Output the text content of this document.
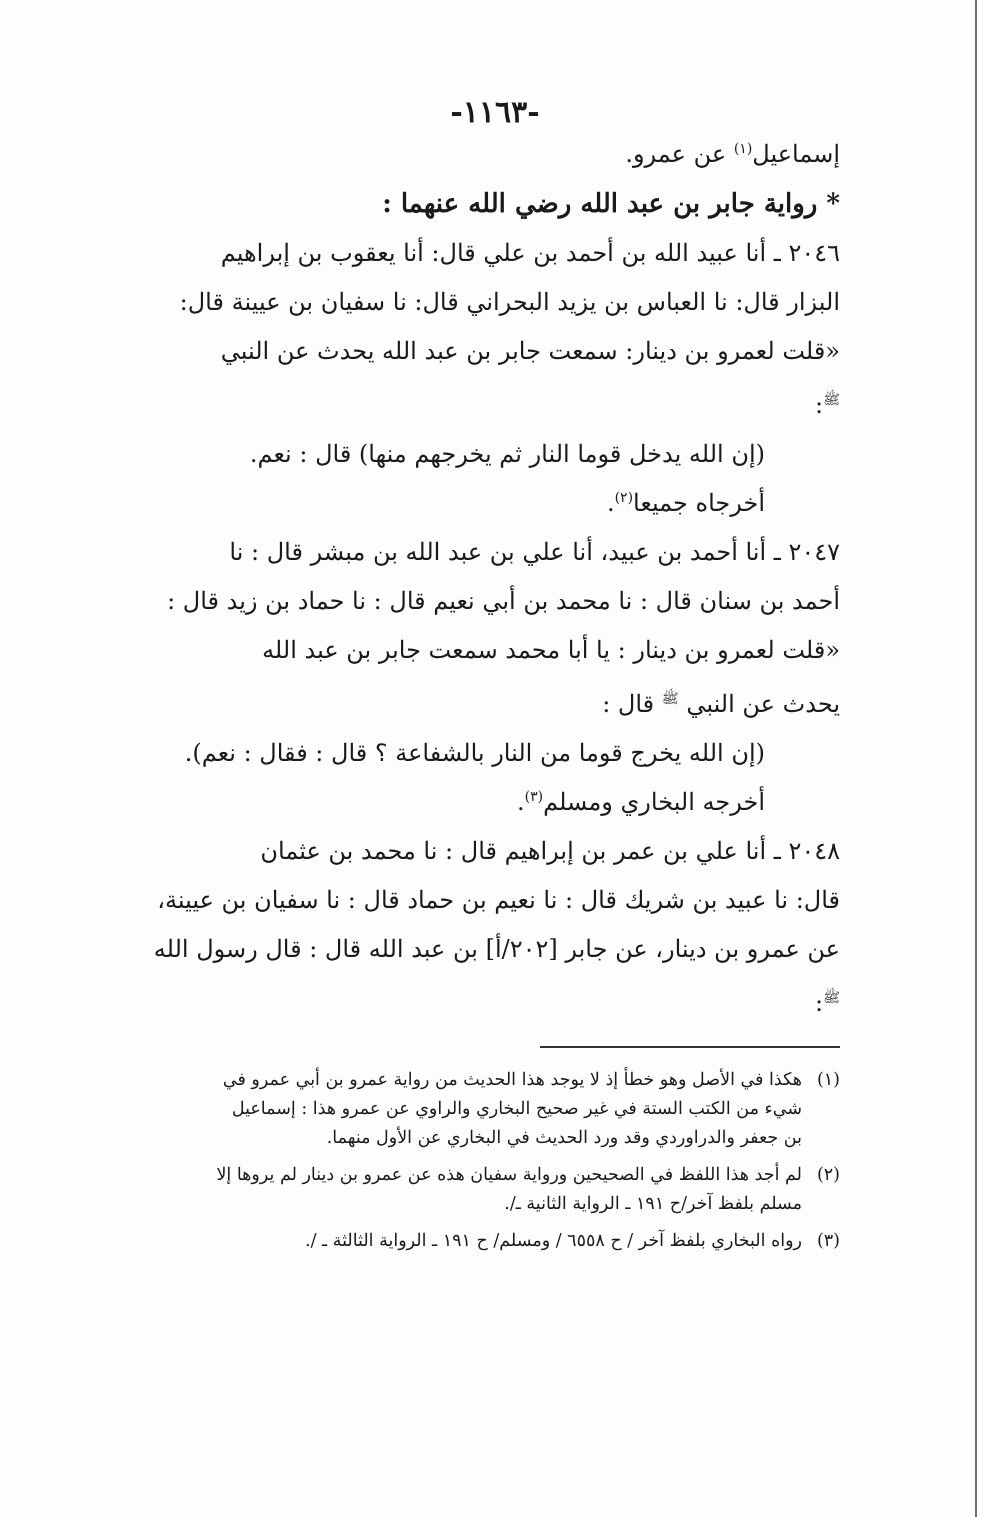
-١١٦٣-

إسماعيل$^{(١)}$ عن عمرو.

* رواية جابر بن عبد الله رضي الله عنهما :

٢٠٤٦ ـ أنا عبيد الله بن أحمد بن علي قال: أنا يعقوب بن إبراهيم

البزار قال: نا العباس بن يزيد البحراني قال: نا سفيان بن عيينة قال:

«قلت لعمرو بن دينار: سمعت جابر بن عبد الله يحدث عن النبي

$^ﷺ$:

(إن الله يدخل قوما النار ثم يخرجهم منها) قال : نعم.

أخرجاه جميعا$^{(٢)}$.

٢٠٤٧ ـ أنا أحمد بن عبيد، أنا علي بن عبد الله بن مبشر قال : نا

أحمد بن سنان قال : نا محمد بن أبي نعيم قال : نا حماد بن زيد قال :

«قلت لعمرو بن دينار : يا أبا محمد سمعت جابر بن عبد الله

يحدث عن النبي $^ﷺ$ قال :

(إن الله يخرج قوما من النار بالشفاعة ؟ قال : فقال : نعم).

أخرجه البخاري ومسلم$^{(٣)}$.

٢٠٤٨ ـ أنا علي بن عمر بن إبراهيم قال : نا محمد بن عثمان

قال: نا عبيد بن شريك قال : نا نعيم بن حماد قال : نا سفيان بن عيينة،

عن عمرو بن دينار، عن جابر [٢٠٢/أ] بن عبد الله قال : قال رسول الله

$^ﷺ$:

(١)
هكذا في الأصل وهو خطأ إذ لا يوجد هذا الحديث من رواية عمرو بن أبي عمرو في
شيء من الكتب الستة في غير صحيح البخاري والراوي عن عمرو هذا : إسماعيل
بن جعفر والدراوردي وقد ورد الحديث في البخاري عن الأول منهما.
(٢)
لم أجد هذا اللفظ في الصحيحين ورواية سفيان هذه عن عمرو بن دينار لم يروها إلا
مسلم بلفظ آخر/ح ١٩١ ـ الرواية الثانية ـ/.
(٣)
رواه البخاري بلفظ آخر / ح ٦٥٥٨ / ومسلم/ ح ١٩١ ـ الرواية الثالثة ـ /.
